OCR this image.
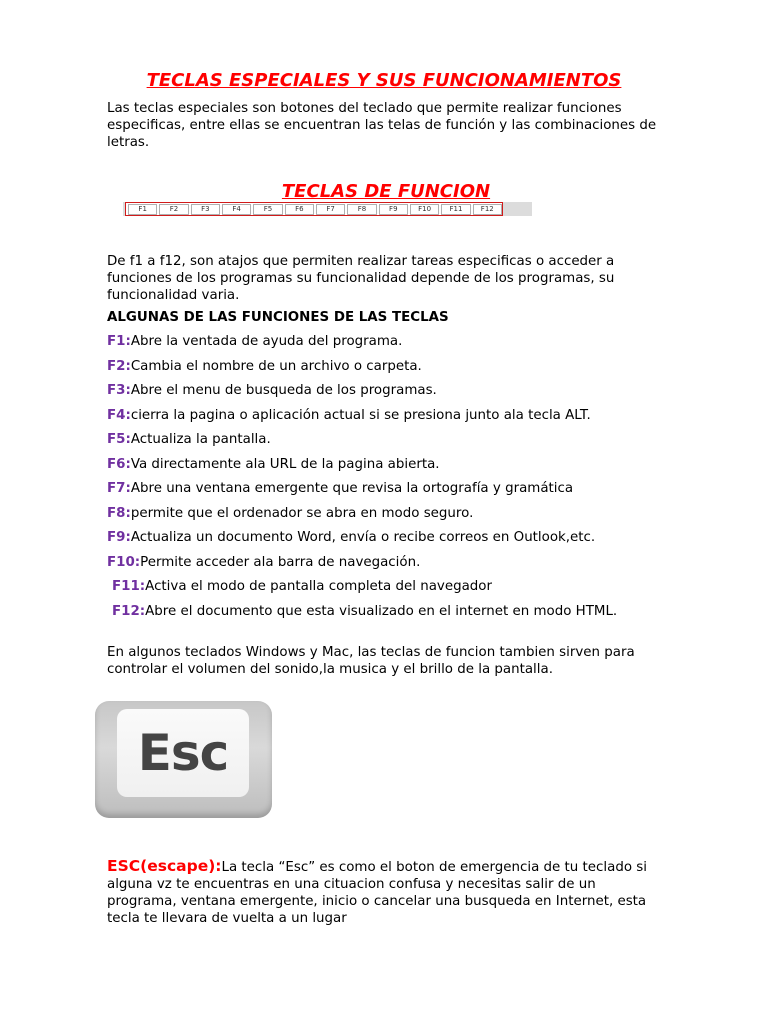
TECLAS ESPECIALES Y SUS FUNCIONAMIENTOS

Las teclas especiales son botones del teclado que permite realizar funciones especificas, entre ellas se encuentran las telas de función y las combinaciones de letras.

TECLAS DE FUNCION
F1	F2	F3	F4	F5	F6	F7	F8	F9	F10	F11	F12

De f1 a f12, son atajos que permiten realizar tareas especificas o acceder a funciones de los programas su funcionalidad depende de los programas, su funcionalidad varia.

ALGUNAS DE LAS FUNCIONES DE LAS TECLAS

F1:Abre la ventada de ayuda del programa.

F2:Cambia el nombre de un archivo o carpeta.

F3:Abre el menu de busqueda de los programas.

F4:cierra la pagina o aplicación actual si se presiona junto ala tecla ALT.

F5:Actualiza la pantalla.

F6:Va directamente ala URL de la pagina abierta.

F7:Abre una ventana emergente que revisa la ortografía y gramática

F8:permite que el ordenador se abra en modo seguro.

F9:Actualiza un documento Word, envía o recibe correos en Outlook,etc.

F10:Permite acceder ala barra de navegación.

F11:Activa el modo de pantalla completa del navegador

F12:Abre el documento que esta visualizado en el internet en modo HTML.

En algunos teclados Windows y Mac, las teclas de funcion tambien sirven para controlar el volumen del sonido,la musica y el brillo de la pantalla.

Esc

ESC(escape):La tecla “Esc” es como el boton de emergencia de tu teclado si alguna vz te encuentras en una cituacion confusa y necesitas salir de un programa, ventana emergente, inicio o cancelar una busqueda en Internet, esta tecla te llevara de vuelta a un lugar
